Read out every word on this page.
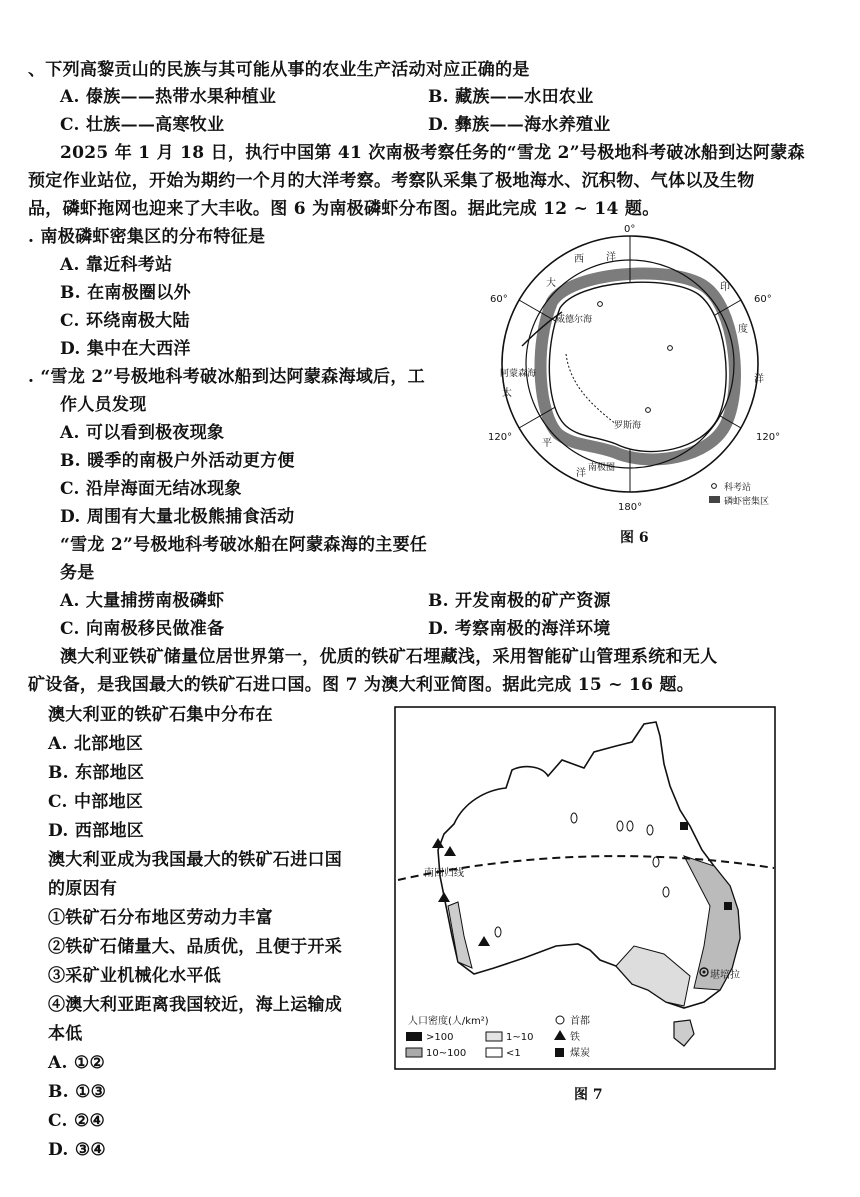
、下列高黎贡山的民族与其可能从事的农业生产活动对应正确的是
A. 傣族——热带水果种植业	B. 藏族——水田农业
C. 壮族——高寒牧业	D. 彝族——海水养殖业
2025 年 1 月 18 日，执行中国第 41 次南极考察任务的“雪龙 2”号极地科考破冰船到达阿蒙森
预定作业站位，开始为期约一个月的大洋考察。考察队采集了极地海水、沉积物、气体以及生物
品，磷虾拖网也迎来了大丰收。图 6 为南极磷虾分布图。据此完成 12 ~ 14 题。
. 南极磷虾密集区的分布特征是
A. 靠近科考站
B. 在南极圈以外
C. 环绕南极大陆
D. 集中在大西洋
. “雪龙 2”号极地科考破冰船到达阿蒙森海域后，工
作人员发现
A. 可以看到极夜现象
B. 暖季的南极户外活动更方便
C. 沿岸海面无结冰现象
D. 周围有大量北极熊捕食活动
“雪龙 2”号极地科考破冰船在阿蒙森海的主要任
务是
A. 大量捕捞南极磷虾	B. 开发南极的矿产资源
C. 向南极移民做准备	D. 考察南极的海洋环境
澳大利亚铁矿储量位居世界第一，优质的铁矿石埋藏浅，采用智能矿山管理系统和无人
矿设备，是我国最大的铁矿石进口国。图 7 为澳大利亚简图。据此完成 15 ~ 16 题。
澳大利亚的铁矿石集中分布在
A. 北部地区
B. 东部地区
C. 中部地区
D. 西部地区
澳大利亚成为我国最大的铁矿石进口国
的原因有
①铁矿石分布地区劳动力丰富
②铁矿石储量大、品质优，且便于开采
③采矿业机械化水平低
④澳大利亚距离我国较近，海上运输成
本低
A. ①②
B. ①③
C. ②④
D. ③④
0°
60°	60°
120°	120°
180°
西 洋
大	印
度
洋
太
平
洋
威德尔海
阿蒙森海
罗斯海
南极圈
科考站
磷虾密集区
图 6
南回归线
堪培拉
人口密度(人/km²)
>100
10~100
1~10
<1
首都
铁
煤炭
图 7
